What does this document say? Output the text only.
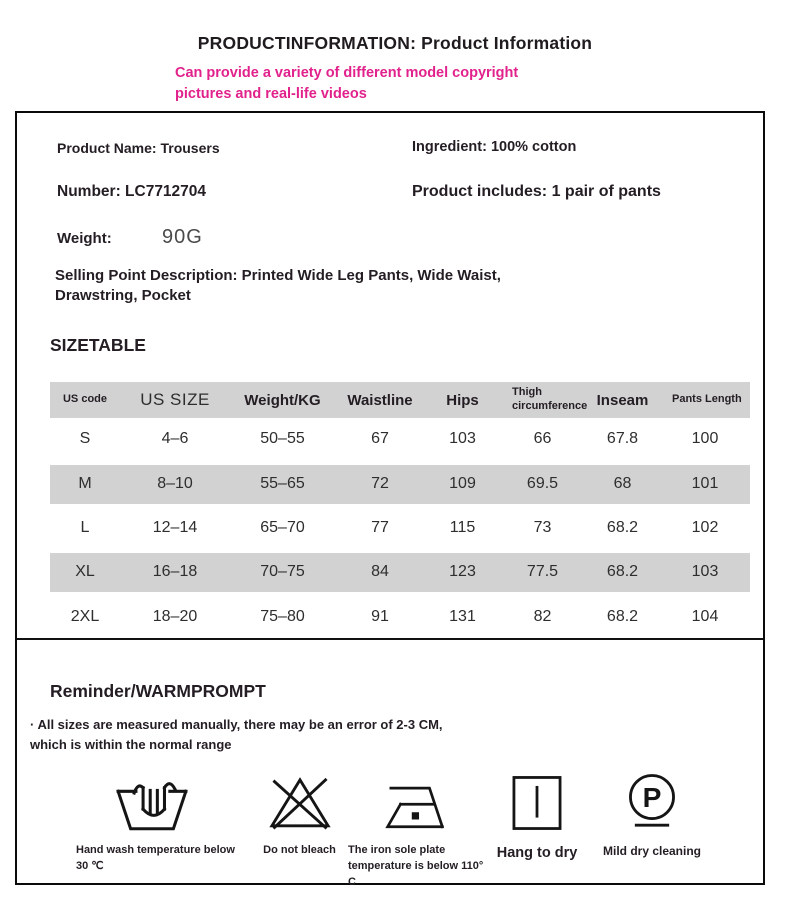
PRODUCTINFORMATION: Product Information
Can provide a variety of different model copyright pictures and real-life videos
Product Name: Trousers	Ingredient: 100% cotton
Number: LC7712704	Product includes: 1 pair of pants
Weight:	90G
Selling Point Description: Printed Wide Leg Pants, Wide Waist, Drawstring, Pocket
SIZETABLE
US code	US SIZE	Weight/KG	Waistline	Hips	Thigh circumference	Inseam	Pants Length
S	4–6	50–55	67	103	66	67.8	100
M	8–10	55–65	72	109	69.5	68	101
L	12–14	65–70	77	115	73	68.2	102
XL	16–18	70–75	84	123	77.5	68.2	103
2XL	18–20	75–80	91	131	82	68.2	104
Reminder/WARMPROMPT
· All sizes are measured manually, there may be an error of 2-3 CM, which is within the normal range
Hand wash temperature below 30 ℃
Do not bleach	The iron sole plate temperature is below 110° C
Hang to dry
P
Mild dry cleaning
